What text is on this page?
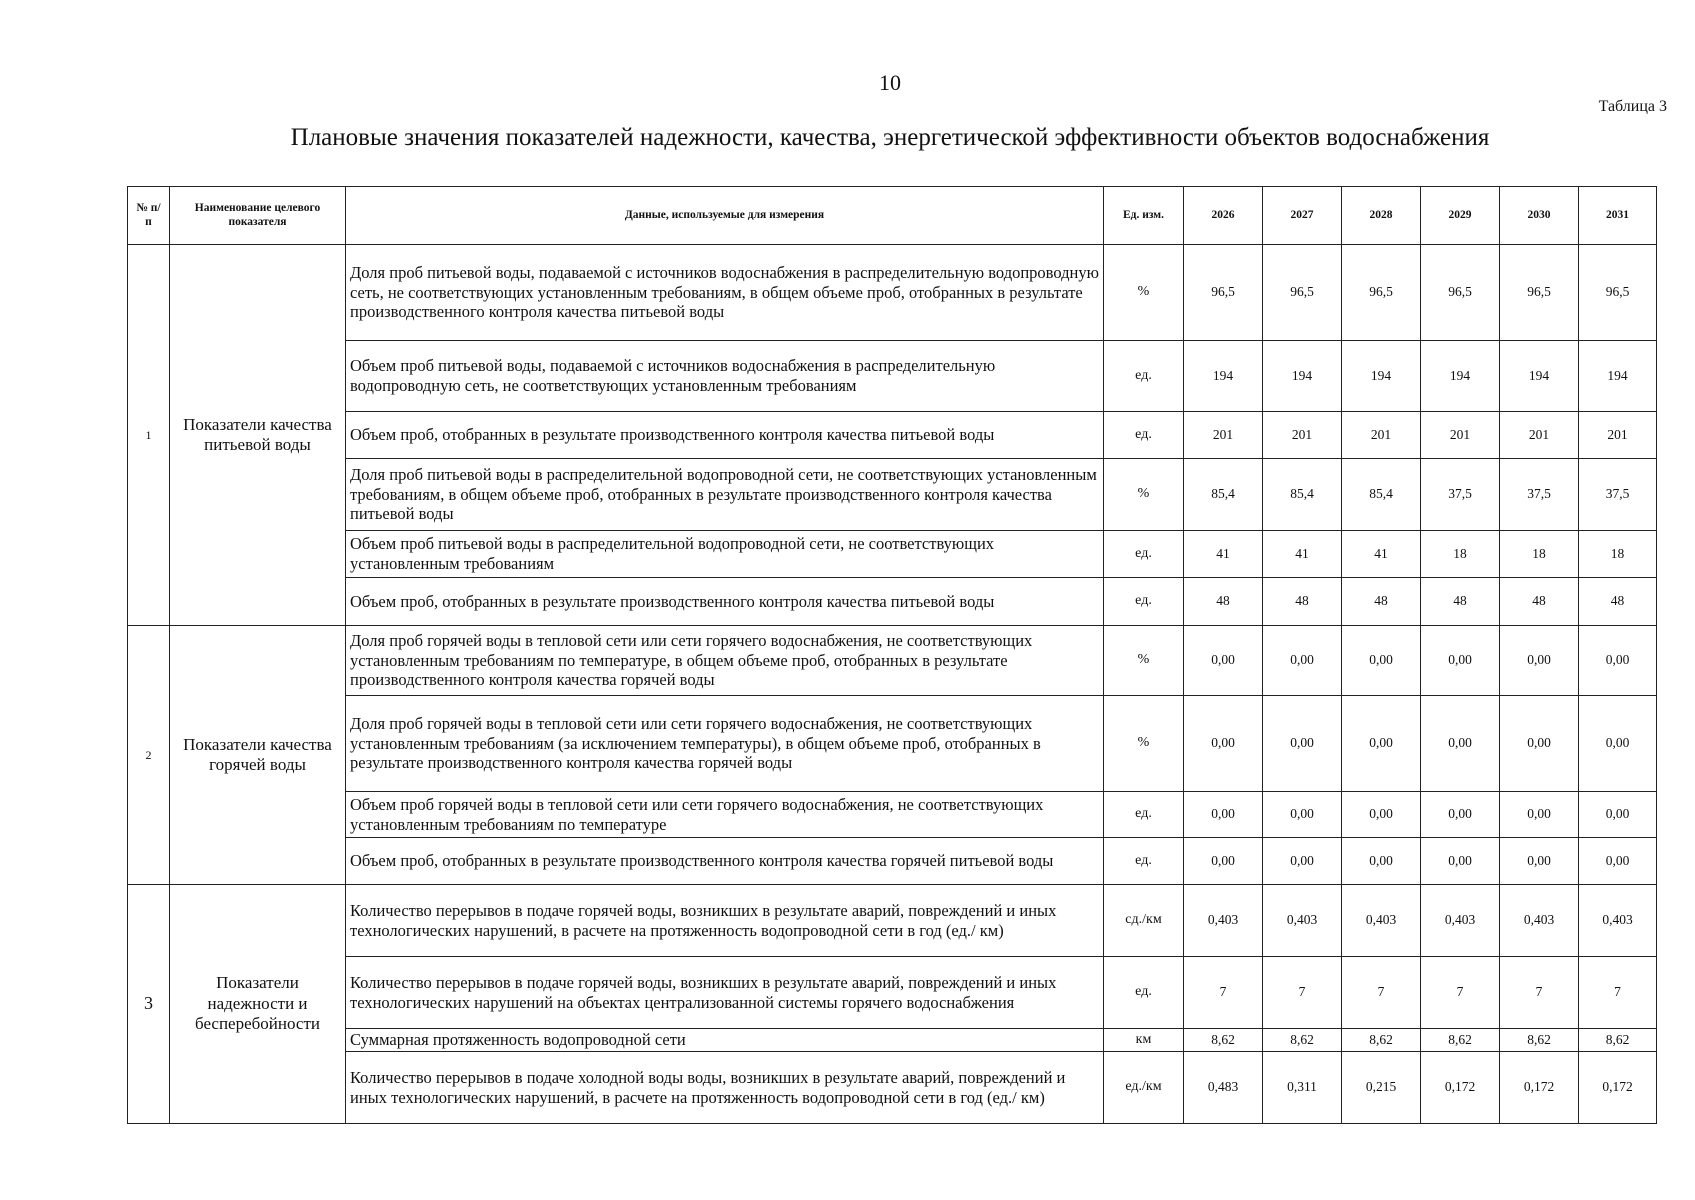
10
Таблица 3
Плановые значения показателей надежности, качества, энергетической эффективности объектов водоснабжения
№ п/ п	Наименование целевого показателя	Данные, используемые для измерения	Ед. изм.	2026	2027	2028	2029	2030	2031
1	Показатели качества питьевой воды	Доля проб питьевой воды, подаваемой с источников водоснабжения в распределительную водопроводную сеть, не соответствующих установленным требованиям, в общем объеме проб, отобранных в результате производственного контроля качества питьевой воды	%	96,5	96,5	96,5	96,5	96,5	96,5
		Объем проб питьевой воды, подаваемой с источников водоснабжения в распределительную водопроводную сеть, не соответствующих установленным требованиям	ед.	194	194	194	194	194	194
		Объем проб, отобранных в результате производственного контроля качества питьевой воды	ед.	201	201	201	201	201	201
		Доля проб питьевой воды в распределительной водопроводной сети, не соответствующих установленным требованиям, в общем объеме проб, отобранных в результате производственного контроля качества питьевой воды	%	85,4	85,4	85,4	37,5	37,5	37,5
		Объем проб питьевой воды в распределительной водопроводной сети, не соответствующих установленным требованиям	ед.	41	41	41	18	18	18
		Объем проб, отобранных в результате производственного контроля качества питьевой воды	ед.	48	48	48	48	48	48
2	Показатели качества горячей воды	Доля проб горячей воды в тепловой сети или сети горячего водоснабжения, не соответствующих установленным требованиям по температуре, в общем объеме проб, отобранных в результате производственного контроля качества горячей воды	%	0,00	0,00	0,00	0,00	0,00	0,00
		Доля проб горячей воды в тепловой сети или сети горячего водоснабжения, не соответствующих установленным требованиям (за исключением температуры), в общем объеме проб, отобранных в результате производственного контроля качества горячей воды	%	0,00	0,00	0,00	0,00	0,00	0,00
		Объем проб горячей воды в тепловой сети или сети горячего водоснабжения, не соответствующих установленным требованиям по температуре	ед.	0,00	0,00	0,00	0,00	0,00	0,00
		Объем проб, отобранных в результате производственного контроля качества горячей питьевой воды	ед.	0,00	0,00	0,00	0,00	0,00	0,00
3	Показатели надежности и бесперебойности	Количество перерывов в подаче горячей воды, возникших в результате аварий, повреждений и иных технологических нарушений, в расчете на протяженность водопроводной сети в год (ед./ км)	сд./км	0,403	0,403	0,403	0,403	0,403	0,403
		Количество перерывов в подаче горячей воды, возникших в результате аварий, повреждений и иных технологических нарушений на объектах централизованной системы горячего водоснабжения	ед.	7	7	7	7	7	7
		Суммарная протяженность водопроводной сети	км	8,62	8,62	8,62	8,62	8,62	8,62
		Количество перерывов в подаче холодной воды воды, возникших в результате аварий, повреждений и иных технологических нарушений, в расчете на протяженность водопроводной сети в год (ед./ км)	ед./км	0,483	0,311	0,215	0,172	0,172	0,172
